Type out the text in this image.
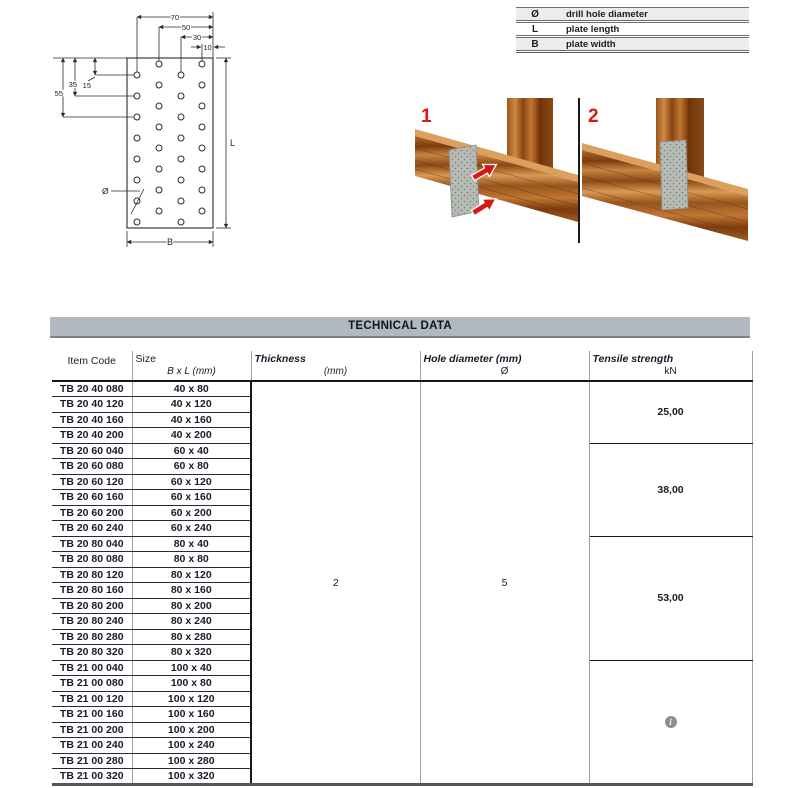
70
50
30
10
35 15
55
Ø
L
B
Ø	drill hole diameter
L	plate length
B	plate width
1	2
TECHNICAL DATA
Item Code	Size
B x L (mm)

Thickness
(mm)

Hole diameter (mm)
Ø

Tensile strength
kN

TB 20 40 080	40 x 80	2	5	25,00
TB 20 40 120	40 x 120			
TB 20 40 160	40 x 160			
TB 20 40 200	40 x 200			
TB 20 60 040	60 x 40			38,00
TB 20 60 080	60 x 80			
TB 20 60 120	60 x 120			
TB 20 60 160	60 x 160			
TB 20 60 200	60 x 200			
TB 20 60 240	60 x 240			
TB 20 80 040	80 x 40			53,00
TB 20 80 080	80 x 80			
TB 20 80 120	80 x 120			
TB 20 80 160	80 x 160			
TB 20 80 200	80 x 200			
TB 20 80 240	80 x 240			
TB 20 80 280	80 x 280			
TB 20 80 320	80 x 320			
TB 21 00 040	100 x 40			i
TB 21 00 080	100 x 80			
TB 21 00 120	100 x 120			
TB 21 00 160	100 x 160			
TB 21 00 200	100 x 200			
TB 21 00 240	100 x 240			
TB 21 00 280	100 x 280			
TB 21 00 320	100 x 320			
